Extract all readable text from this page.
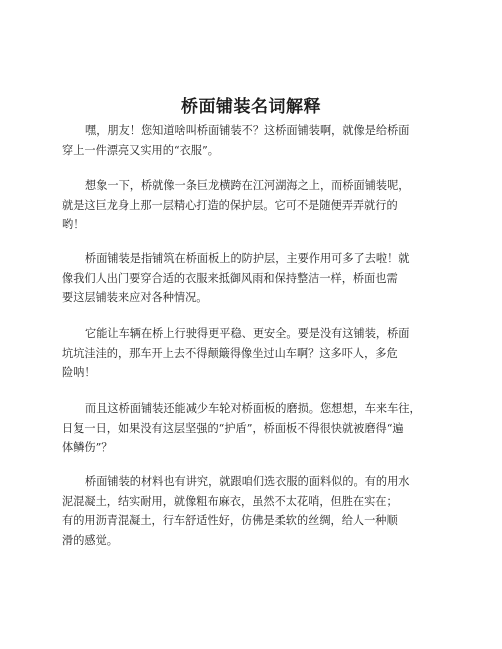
桥面铺装名词解释

嘿，朋友！您知道啥叫桥面铺装不？这桥面铺装啊，就像是给桥面
穿上一件漂亮又实用的“衣服”。

想象一下，桥就像一条巨龙横跨在江河湖海之上，而桥面铺装呢，
就是这巨龙身上那一层精心打造的保护层。它可不是随便弄弄就行的
哟！

桥面铺装是指铺筑在桥面板上的防护层，主要作用可多了去啦！就
像我们人出门要穿合适的衣服来抵御风雨和保持整洁一样，桥面也需
要这层铺装来应对各种情况。

它能让车辆在桥上行驶得更平稳、更安全。要是没有这铺装，桥面
坑坑洼洼的，那车开上去不得颠簸得像坐过山车啊？这多吓人，多危
险呐！

而且这桥面铺装还能减少车轮对桥面板的磨损。您想想，车来车往，
日复一日，如果没有这层坚强的“护盾”，桥面板不得很快就被磨得“遍
体鳞伤”？

桥面铺装的材料也有讲究，就跟咱们选衣服的面料似的。有的用水
泥混凝土，结实耐用，就像粗布麻衣，虽然不太花哨，但胜在实在；
有的用沥青混凝土，行车舒适性好，仿佛是柔软的丝绸，给人一种顺
滑的感觉。
